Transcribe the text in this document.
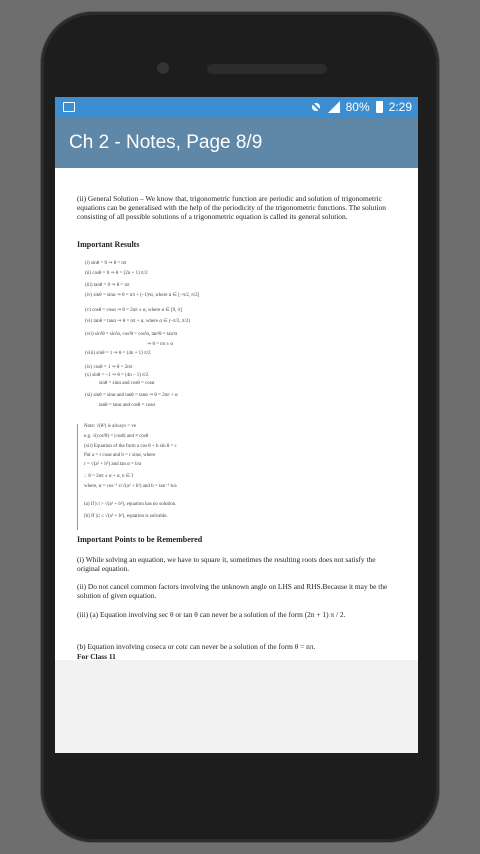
80% 2:29
Ch 2 - Notes, Page 8/9
(ii) General Solution – We know that, trigonometric function are periodic and solution of trigonometric equations can be generalised with the help of the periodicity of the trigonometric functions. The solution consisting of all possible solutions of a trigonometric equation is called its general solution.
Important Results
(i) sinθ = 0 ⇒ θ = nπ
(ii) cosθ = 0 ⇒ θ = (2n + 1) π/2
(iii) tanθ = 0 ⇒ θ = nπ
(iv) sinθ = sinα ⇒ θ = nπ + (–1)ⁿα, where α ∈ [–π/2, π/2]
(v) cosθ = cosα ⇒ θ = 2nπ ± α, where α ∈ [0, π]
(vi) tanθ = tanα ⇒ θ = nπ + α, where α ∈ (–π/2, π/2)
(vii) sin²θ = sin²α, cos²θ = cos²α, tan²θ = tan²α
⇒ θ = nπ ± α
(viii) sinθ = 1 ⇒ θ = (4n + 1) π/2
(ix) cosθ = 1 ⇒ θ = 2nπ
(x) sinθ = –1 ⇒ θ = (4n – 1) π/2
sinθ = sinα and cosθ = cosα
(xi) sinθ = sinα and tanθ = tanα ⇒ θ = 2nπ + α
tanθ = tanα and cosθ = cosα
Note: √(θ²) is always > ve
e.g. √(cos²θ) = |cosθ| and ≠ cosθ
(xii) Equation of the form a cos θ + b sin θ = c
Put a = r cosα and b = r sinα, where
r = √(a² + b²) and tan α = b/a
∴ θ = 2nπ ± α + α, n ∈ I
where, α = cos⁻¹ c/√(a² + b²) and b = tan⁻¹ b/a
(a) If |c| > √(a² + b²), equation has no solution.
(b) If |c| ≤ √(a² + b²), equation is solvable.
Important Points to be Remembered
(i) While solving an equation, we have to square it, sometimes the resulting roots does not satisfy the original equation.
(ii) Do not cancel common factors involving the unknown angle on LHS and RHS.Because it may be the solution of given equation.
(iii) (a) Equation involving sec θ or tan θ can never be a solution of the form (2n + 1) π / 2.
(b) Equation involving coseca or cotε can never be a solution of the form θ = nπ.
For Class 11
